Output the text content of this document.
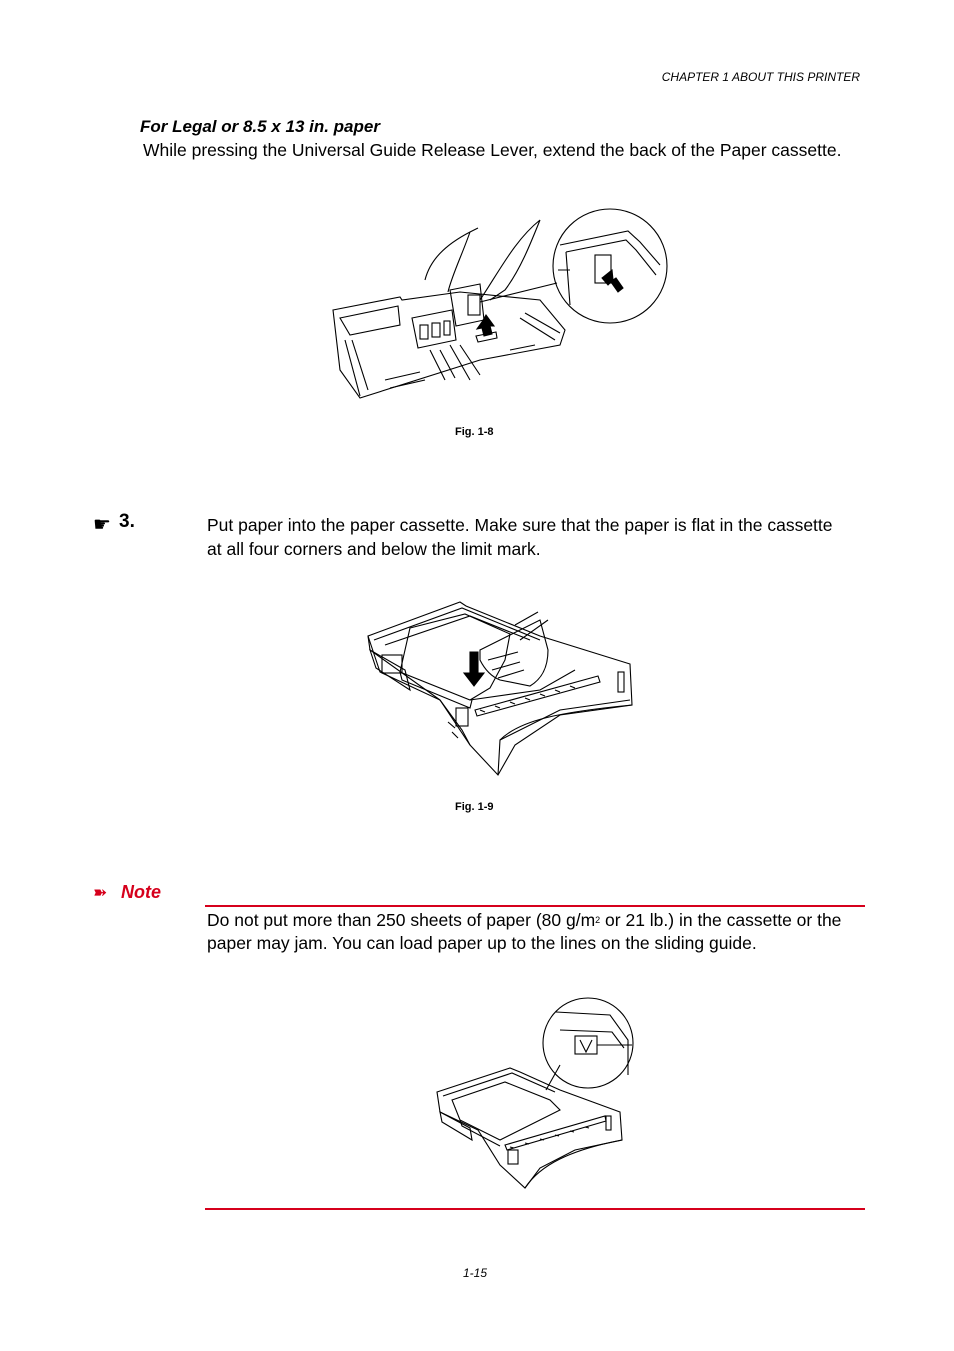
CHAPTER 1 ABOUT THIS PRINTER
For Legal or 8.5 x 13 in. paper
While pressing the Universal Guide Release Lever, extend the back of the Paper cassette.
Fig. 1-8
☛ 3.	Put paper into the paper cassette. Make sure that the paper is flat in the cassette at all four corners and below the limit mark.
Fig. 1-9
➽ Note
Do not put more than 250 sheets of paper (80 $g/m^2$ or 21 lb.) in the cassette or the paper may jam. You can load paper up to the lines on the sliding guide.
1-15
